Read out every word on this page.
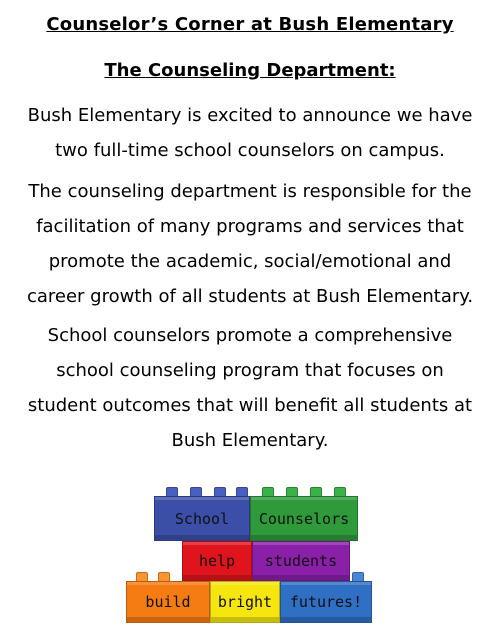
Counselor’s Corner at Bush Elementary
The Counseling Department:

Bush Elementary is excited to announce we have
two full-time school counselors on campus.

The counseling department is responsible for the
facilitation of many programs and services that
promote the academic, social/emotional and
career growth of all students at Bush Elementary.

School counselors promote a comprehensive
school counseling program that focuses on
student outcomes that will benefit all students at
Bush Elementary.

School Counselors
help students
build bright futures!
